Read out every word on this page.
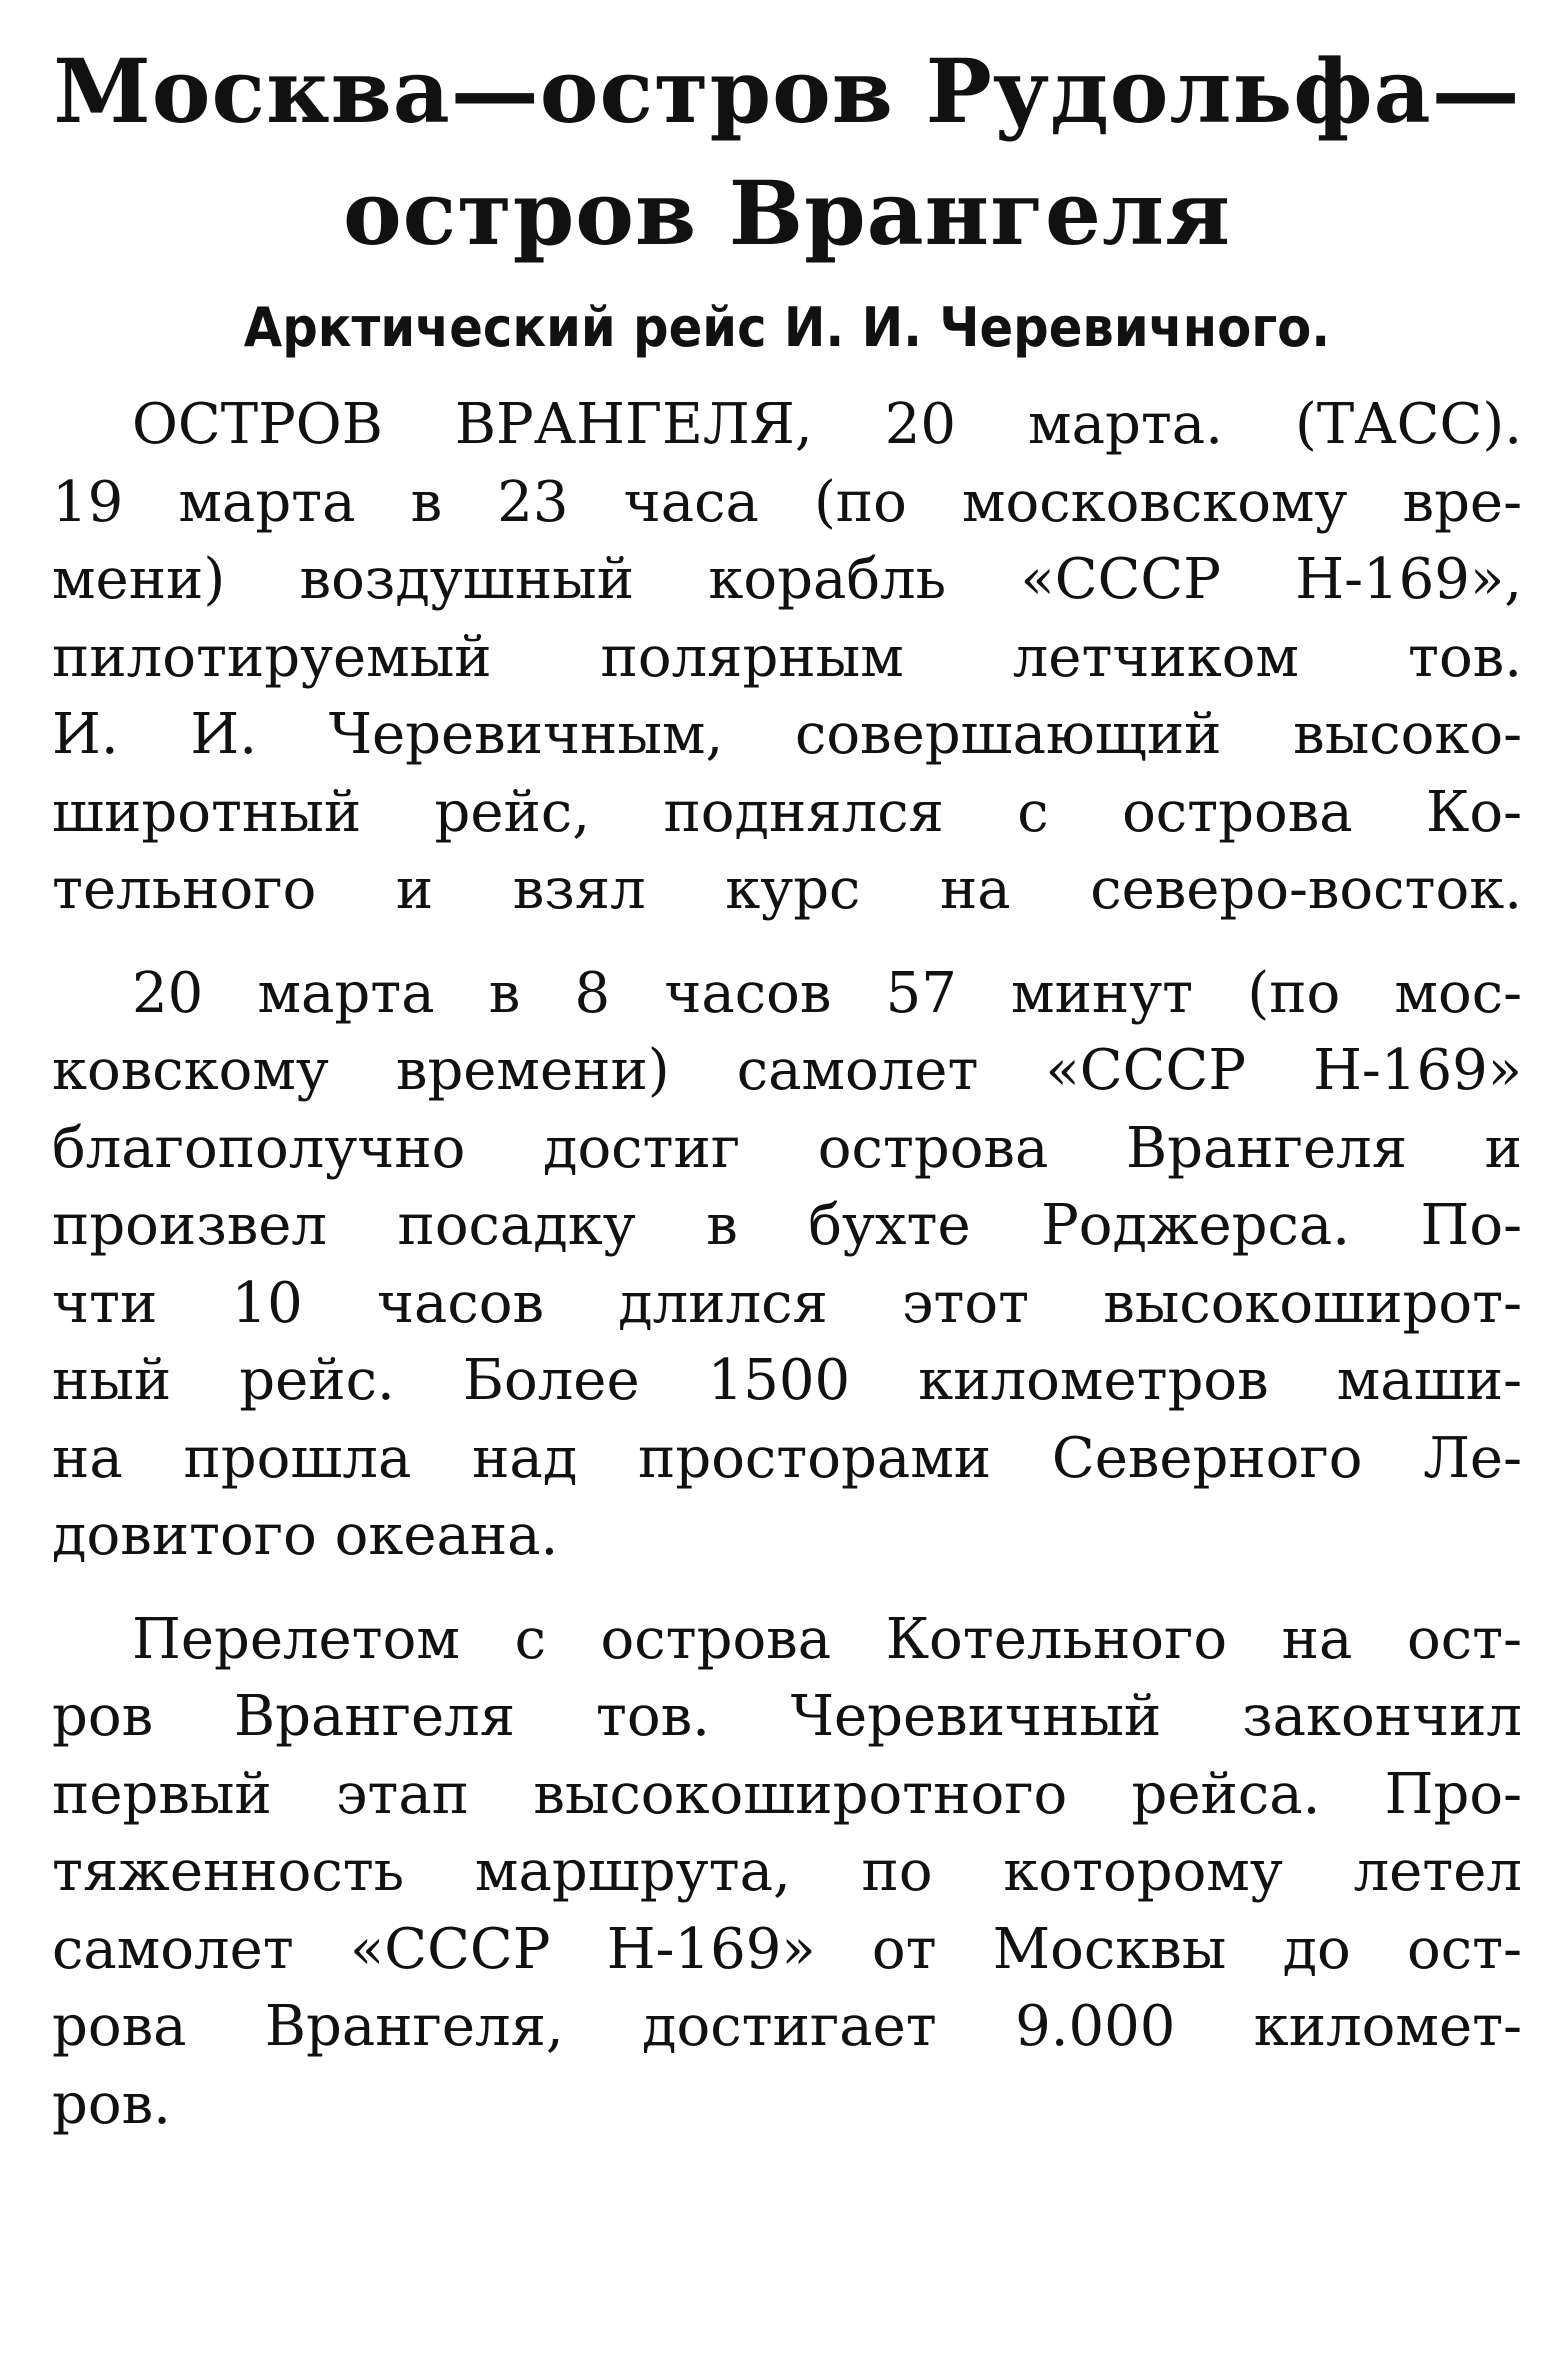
Москва—остров Рудольфа—
остров Врангеля
Арктический рейс И. И. Черевичного.
ОСТРОВ ВРАНГЕЛЯ, 20 марта. (ТАСС).
19 марта в 23 часа (по московскому вре-
мени) воздушный корабль «СССР Н-169»,
пилотируемый полярным летчиком тов.
И. И. Черевичным, совершающий высоко-
широтный рейс, поднялся с острова Ко-
тельного и взял курс на северо-восток.
20 марта в 8 часов 57 минут (по мос-
ковскому времени) самолет «СССР Н-169»
благополучно достиг острова Врангеля и
произвел посадку в бухте Роджерса. По-
чти 10 часов длился этот высокоширот-
ный рейс. Более 1500 километров маши-
на прошла над просторами Северного Ле-
довитого океана.
Перелетом с острова Котельного на ост-
ров Врангеля тов. Черевичный закончил
первый этап высокоширотного рейса. Про-
тяженность маршрута, по которому летел
самолет «СССР Н-169» от Москвы до ост-
рова Врангеля, достигает 9.000 километ-
ров.
